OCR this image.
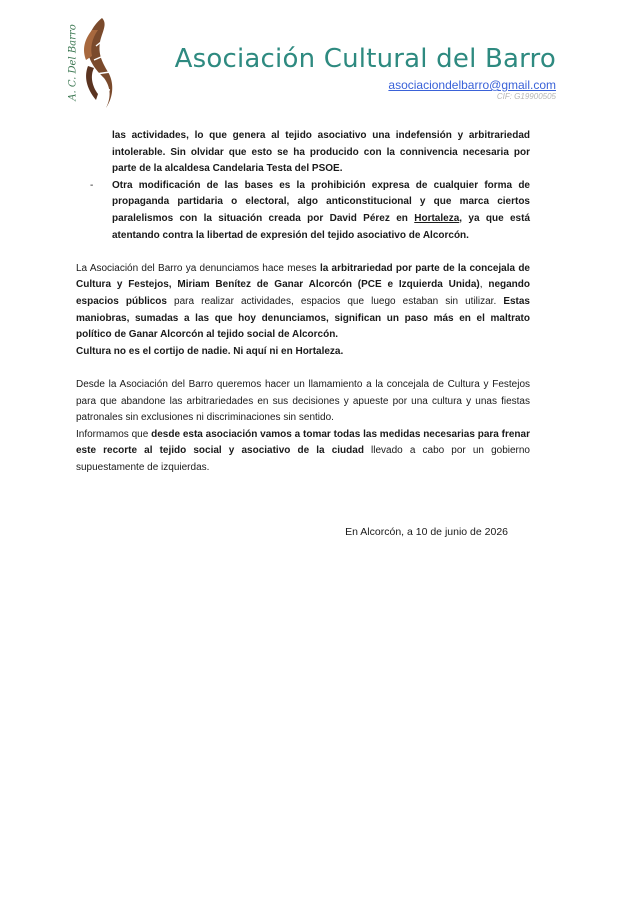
A. C. Del Barro	Asociación Cultural del Barro
asociaciondelbarro@gmail.com
CIF: G19900505

las actividades, lo que genera al tejido asociativo una indefensión y arbitrariedad intolerable. Sin olvidar que esto se ha producido con la connivencia necesaria por parte de la alcaldesa Candelaria Testa del PSOE.

- Otra modificación de las bases es la prohibición expresa de cualquier forma de propaganda partidaria o electoral, algo anticonstitucional y que marca ciertos paralelismos con la situación creada por David Pérez en Hortaleza, ya que está atentando contra la libertad de expresión del tejido asociativo de Alcorcón.

La Asociación del Barro ya denunciamos hace meses la arbitrariedad por parte de la concejala de Cultura y Festejos, Miriam Benítez de Ganar Alcorcón (PCE e Izquierda Unida), negando espacios públicos para realizar actividades, espacios que luego estaban sin utilizar. Estas maniobras, sumadas a las que hoy denunciamos, significan un paso más en el maltrato político de Ganar Alcorcón al tejido social de Alcorcón.

Cultura no es el cortijo de nadie. Ni aquí ni en Hortaleza.

Desde la Asociación del Barro queremos hacer un llamamiento a la concejala de Cultura y Festejos para que abandone las arbitrariedades en sus decisiones y apueste por una cultura y unas fiestas patronales sin exclusiones ni discriminaciones sin sentido.

Informamos que desde esta asociación vamos a tomar todas las medidas necesarias para frenar este recorte al tejido social y asociativo de la ciudad llevado a cabo por un gobierno supuestamente de izquierdas.

En Alcorcón, a 10 de junio de 2026
